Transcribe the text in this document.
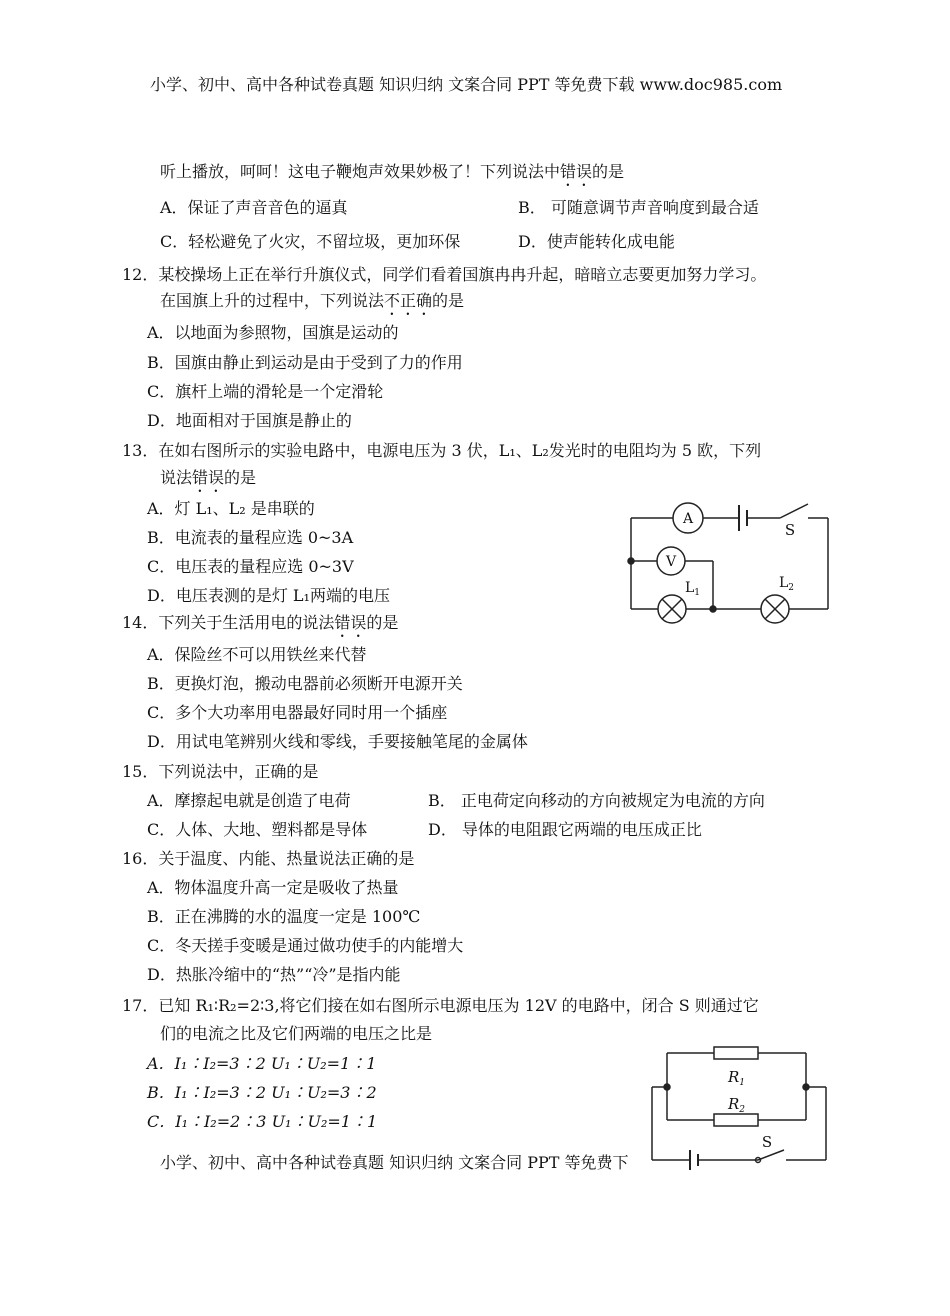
小学、初中、高中各种试卷真题 知识归纳 文案合同 PPT 等免费下载 www.doc985.com
听上播放，呵呵！这电子鞭炮声效果妙极了！下列说法中错误的是
A．保证了声音音色的逼真	B． 可随意调节声音响度到最合适
C．轻松避免了火灾，不留垃圾，更加环保	D．使声能转化成电能
12．某校操场上正在举行升旗仪式，同学们看着国旗冉冉升起，暗暗立志要更加努力学习。
在国旗上升的过程中，下列说法不正确的是
A．以地面为参照物，国旗是运动的
B．国旗由静止到运动是由于受到了力的作用
C．旗杆上端的滑轮是一个定滑轮
D．地面相对于国旗是静止的
13．在如右图所示的实验电路中，电源电压为 3 伏，L₁、L₂发光时的电阻均为 5 欧，下列
说法错误的是
A．灯 L₁、L₂ 是串联的
B．电流表的量程应选 0~3A
C．电压表的量程应选 0~3V
D．电压表测的是灯 L₁两端的电压
A
S
V
$L_1$
$L_2$
14．下列关于生活用电的说法错误的是
A．保险丝不可以用铁丝来代替
B．更换灯泡，搬动电器前必须断开电源开关
C．多个大功率用电器最好同时用一个插座
D．用试电笔辨别火线和零线，手要接触笔尾的金属体
15．下列说法中，正确的是
A．摩擦起电就是创造了电荷	B． 正电荷定向移动的方向被规定为电流的方向
C．人体、大地、塑料都是导体	D． 导体的电阻跟它两端的电压成正比
16．关于温度、内能、热量说法正确的是
A．物体温度升高一定是吸收了热量
B．正在沸腾的水的温度一定是 100℃
C．冬天搓手变暖是通过做功使手的内能增大
D．热胀冷缩中的“热”“冷”是指内能
17．已知 R₁∶R₂=2∶3,将它们接在如右图所示电源电压为 12V 的电路中，闭合 S 则通过它
们的电流之比及它们两端的电压之比是
A．I₁∶I₂=3∶2 U₁∶U₂=1∶1
B．I₁∶I₂=3∶2 U₁∶U₂=3∶2
C．I₁∶I₂=2∶3 U₁∶U₂=1∶1
$R_1$
$R_2$
S
小学、初中、高中各种试卷真题 知识归纳 文案合同 PPT 等免费下
